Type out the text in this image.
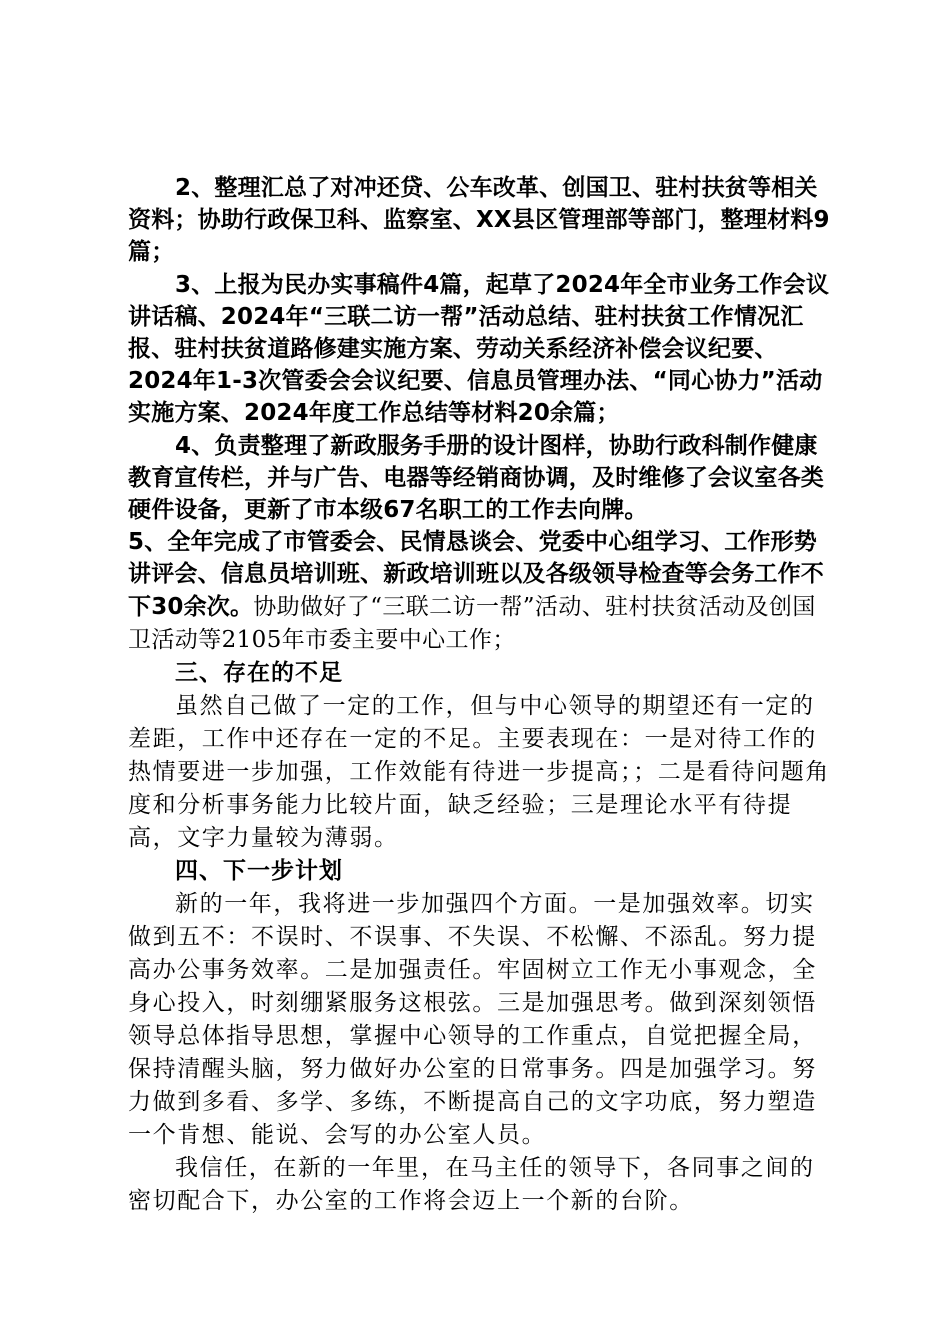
2、整理汇总了对冲还贷、公车改革、创国卫、驻村扶贫等相关资料；协助行政保卫科、监察室、XX县区管理部等部门，整理材料9篇；

3、上报为民办实事稿件4篇，起草了2024年全市业务工作会议讲话稿、2024年“三联二访一帮”活动总结、驻村扶贫工作情况汇报、驻村扶贫道路修建实施方案、劳动关系经济补偿会议纪要、2024年1-3次管委会会议纪要、信息员管理办法、“同心协力”活动实施方案、2024年度工作总结等材料20余篇；

4、负责整理了新政服务手册的设计图样，协助行政科制作健康教育宣传栏，并与广告、电器等经销商协调，及时维修了会议室各类硬件设备，更新了市本级67名职工的工作去向牌。

5、全年完成了市管委会、民情恳谈会、党委中心组学习、工作形势讲评会、信息员培训班、新政培训班以及各级领导检查等会务工作不下30余次。协助做好了“三联二访一帮”活动、驻村扶贫活动及创国卫活动等2105年市委主要中心工作；

三、存在的不足

虽然自己做了一定的工作，但与中心领导的期望还有一定的差距，工作中还存在一定的不足。主要表现在：一是对待工作的热情要进一步加强，工作效能有待进一步提高；；二是看待问题角度和分析事务能力比较片面，缺乏经验；三是理论水平有待提高，文字力量较为薄弱。

四、下一步计划

新的一年，我将进一步加强四个方面。一是加强效率。切实做到五不：不误时、不误事、不失误、不松懈、不添乱。努力提高办公事务效率。二是加强责任。牢固树立工作无小事观念，全身心投入，时刻绷紧服务这根弦。三是加强思考。做到深刻领悟领导总体指导思想，掌握中心领导的工作重点，自觉把握全局，保持清醒头脑，努力做好办公室的日常事务。四是加强学习。努力做到多看、多学、多练，不断提高自己的文字功底，努力塑造一个肯想、能说、会写的办公室人员。

我信任，在新的一年里，在马主任的领导下，各同事之间的密切配合下，办公室的工作将会迈上一个新的台阶。
